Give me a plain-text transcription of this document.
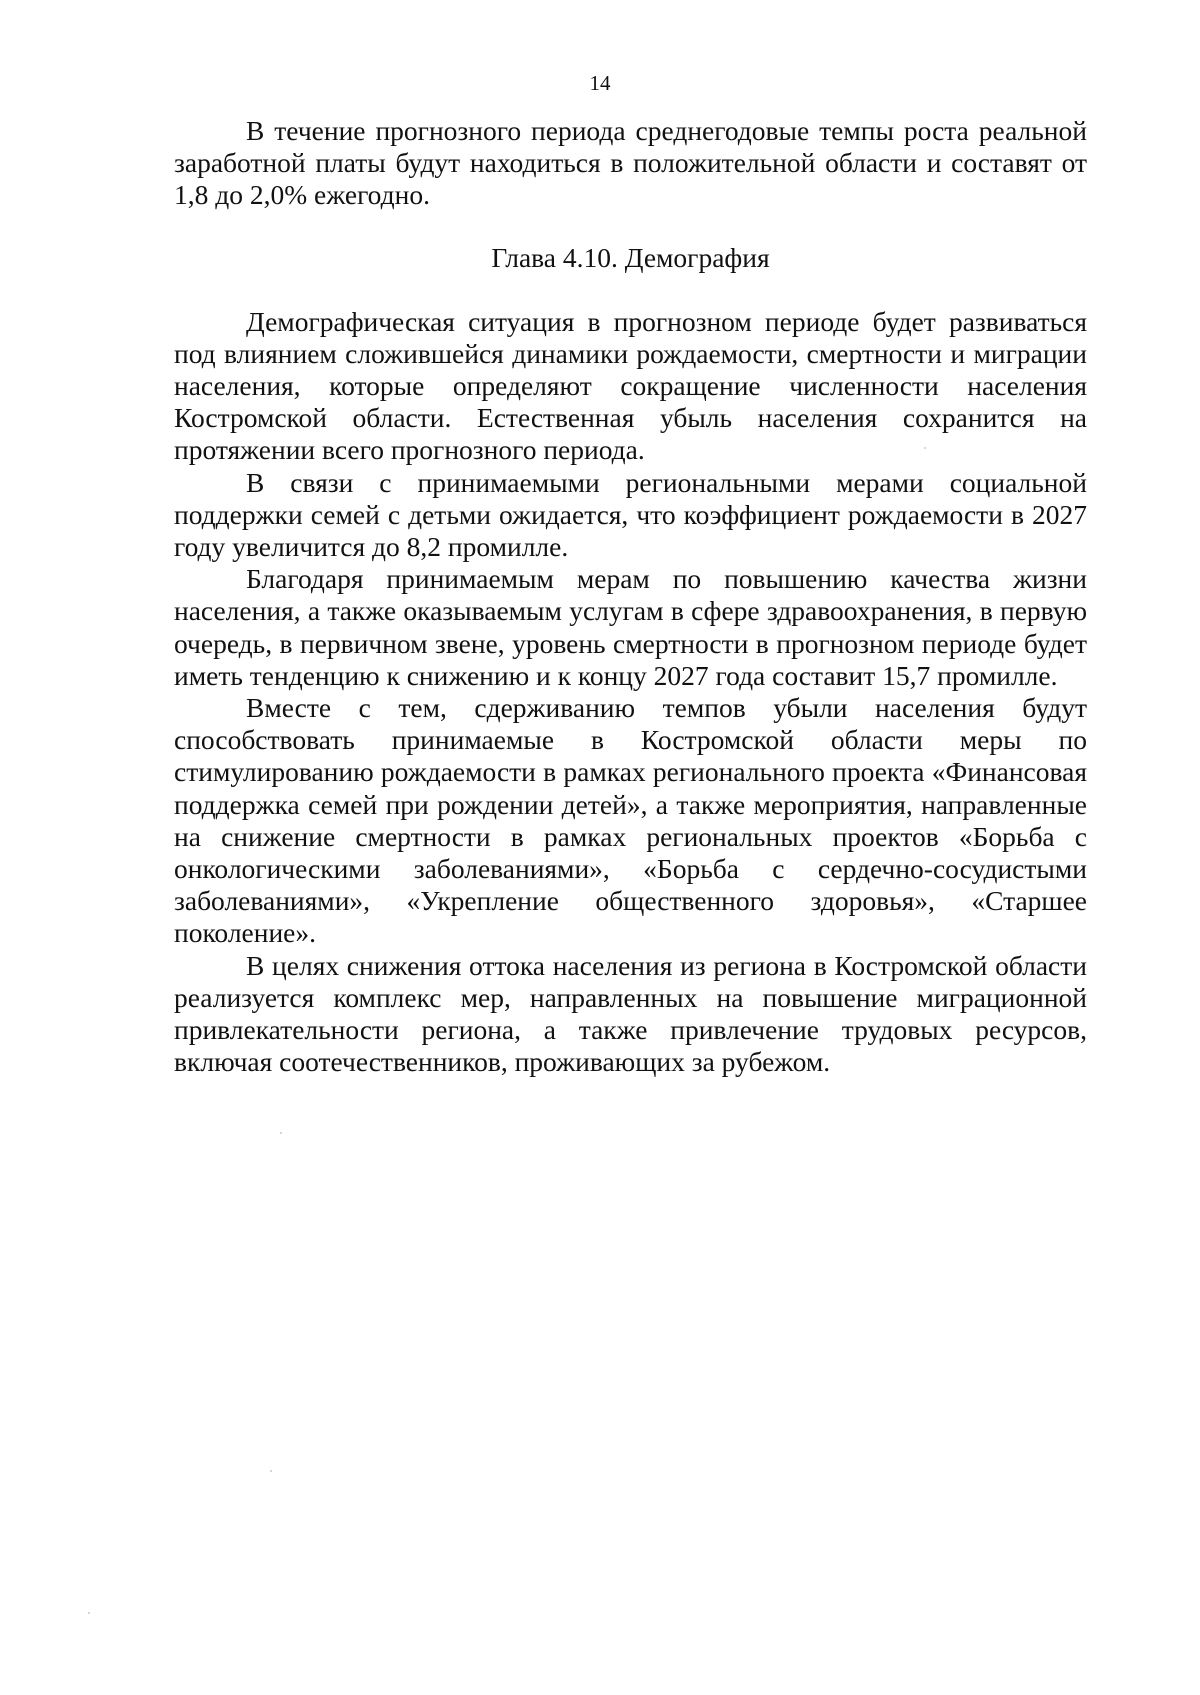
14

В течение прогнозного периода среднегодовые темпы роста реальной заработной платы будут находиться в положительной области и составят от 1,8 до 2,0% ежегодно.

Глава 4.10. Демография

Демографическая ситуация в прогнозном периоде будет развиваться под влиянием сложившейся динамики рождаемости, смертности и миграции населения, которые определяют сокращение численности населения Костромской области. Естественная убыль населения сохранится на протяжении всего прогнозного периода.

В связи с принимаемыми региональными мерами социальной поддержки семей с детьми ожидается, что коэффициент рождаемости в 2027 году увеличится до 8,2 промилле.

Благодаря принимаемым мерам по повышению качества жизни населения, а также оказываемым услугам в сфере здравоохранения, в первую очередь, в первичном звене, уровень смертности в прогнозном периоде будет иметь тенденцию к снижению и к концу 2027 года составит 15,7 промилле.

Вместе с тем, сдерживанию темпов убыли населения будут способствовать принимаемые в Костромской области меры по стимулированию рождаемости в рамках регионального проекта «Финансовая поддержка семей при рождении детей», а также мероприятия, направленные на снижение смертности в рамках региональных проектов «Борьба с онкологическими заболеваниями», «Борьба с сердечно-сосудистыми заболеваниями», «Укрепление общественного здоровья», «Старшее поколение».

В целях снижения оттока населения из региона в Костромской области реализуется комплекс мер, направленных на повышение миграционной привлекательности региона, а также привлечение трудовых ресурсов, включая соотечественников, проживающих за рубежом.
